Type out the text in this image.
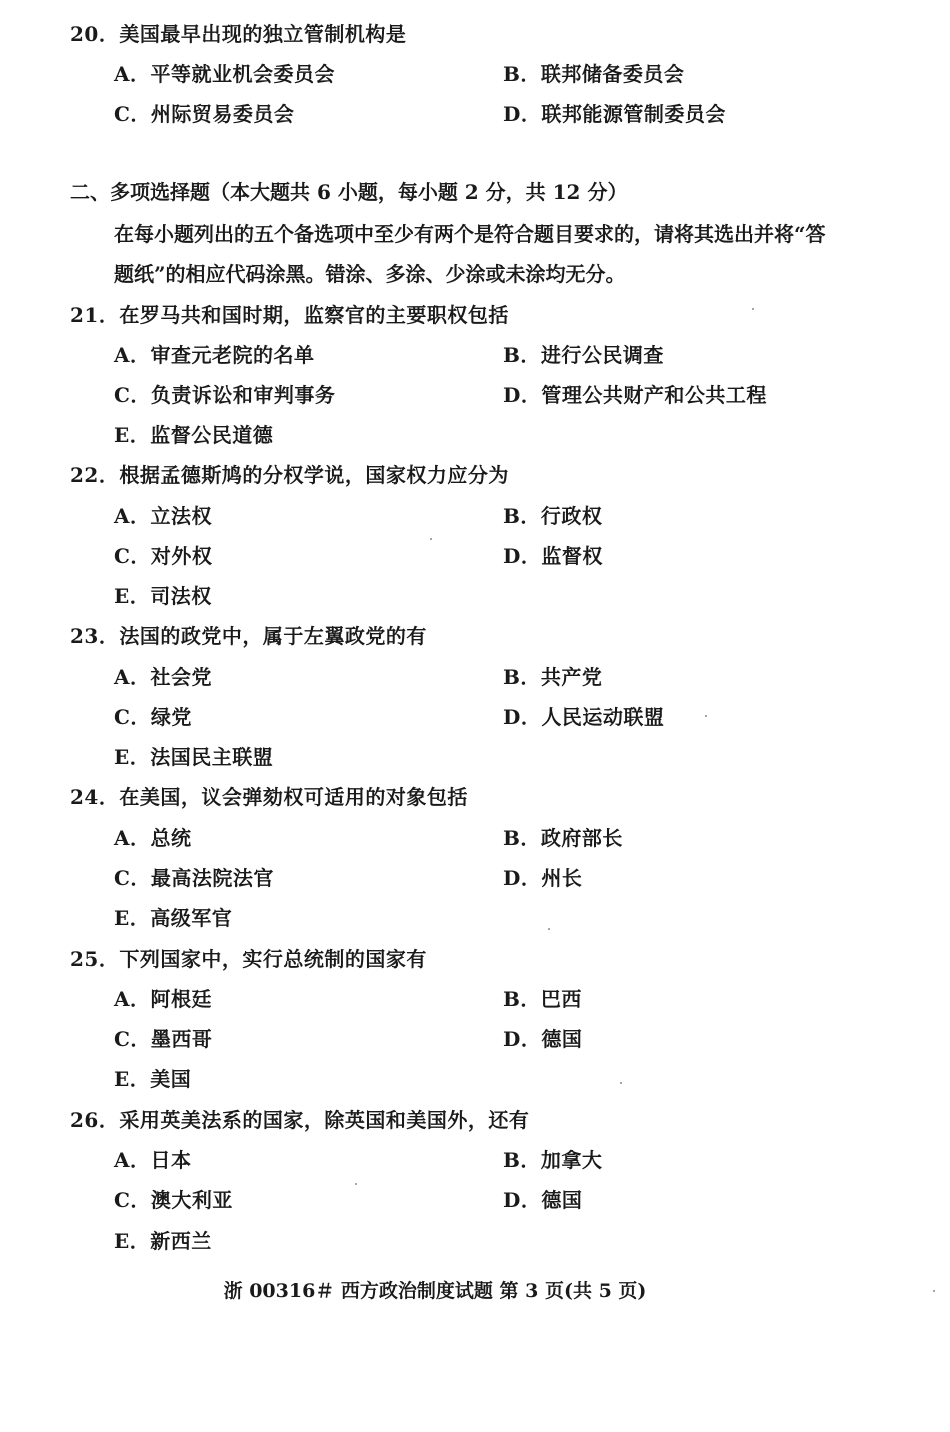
20．美国最早出现的独立管制机构是
A．平等就业机会委员会	B．联邦储备委员会
C．州际贸易委员会	D．联邦能源管制委员会
二、多项选择题（本大题共 6 小题，每小题 2 分，共 12 分）
在每小题列出的五个备选项中至少有两个是符合题目要求的，请将其选出并将“答
题纸”的相应代码涂黑。错涂、多涂、少涂或未涂均无分。
21．在罗马共和国时期，监察官的主要职权包括
A．审查元老院的名单	B．进行公民调查
C．负责诉讼和审判事务	D．管理公共财产和公共工程
E．监督公民道德
22．根据孟德斯鸠的分权学说，国家权力应分为
A．立法权	B．行政权
C．对外权	D．监督权
E．司法权
23．法国的政党中，属于左翼政党的有
A．社会党	B．共产党
C．绿党	D．人民运动联盟
E．法国民主联盟
24．在美国，议会弹劾权可适用的对象包括
A．总统	B．政府部长
C．最高法院法官	D．州长
E．高级军官
25．下列国家中，实行总统制的国家有
A．阿根廷	B．巴西
C．墨西哥	D．德国
E．美国
26．采用英美法系的国家，除英国和美国外，还有
A．日本	B．加拿大
C．澳大利亚	D．德国
E．新西兰
浙 00316＃ 西方政治制度试题 第 3 页(共 5 页)
